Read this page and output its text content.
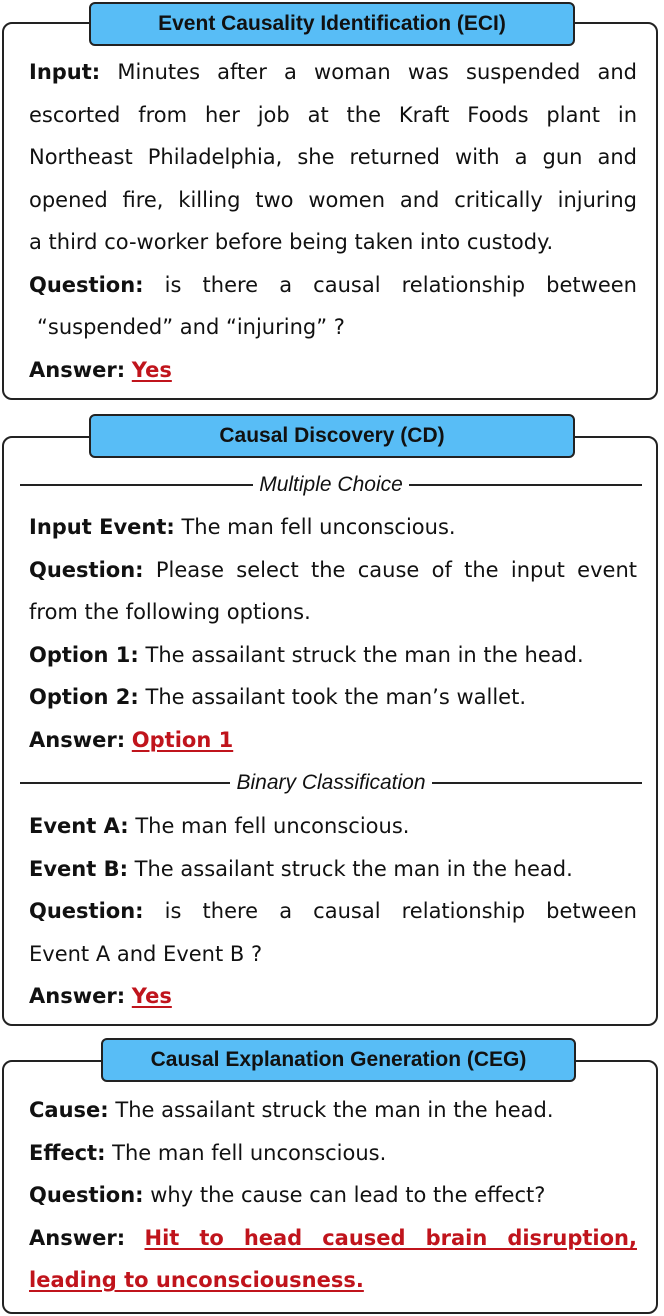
Event Causality Identification (ECI)

Input: Minutes after a woman was suspended and

escorted from her job at the Kraft Foods plant in

Northeast Philadelphia, she returned with a gun and

opened fire, killing two women and critically injuring

a third co-worker before being taken into custody.

Question: is there a causal relationship between

“suspended” and “injuring” ?

Answer: Yes

Causal Discovery (CD)
Multiple Choice

Input Event: The man fell unconscious.

Question: Please select the cause of the input event

from the following options.

Option 1: The assailant struck the man in the head.

Option 2: The assailant took the man’s wallet.

Answer: Option 1

Binary Classification

Event A: The man fell unconscious.

Event B: The assailant struck the man in the head.

Question: is there a causal relationship between

Event A and Event B ?

Answer: Yes

Causal Explanation Generation (CEG)

Cause: The assailant struck the man in the head.

Effect: The man fell unconscious.

Question: why the cause can lead to the effect?

Answer: Hit to head caused brain disruption,

leading to unconsciousness.
